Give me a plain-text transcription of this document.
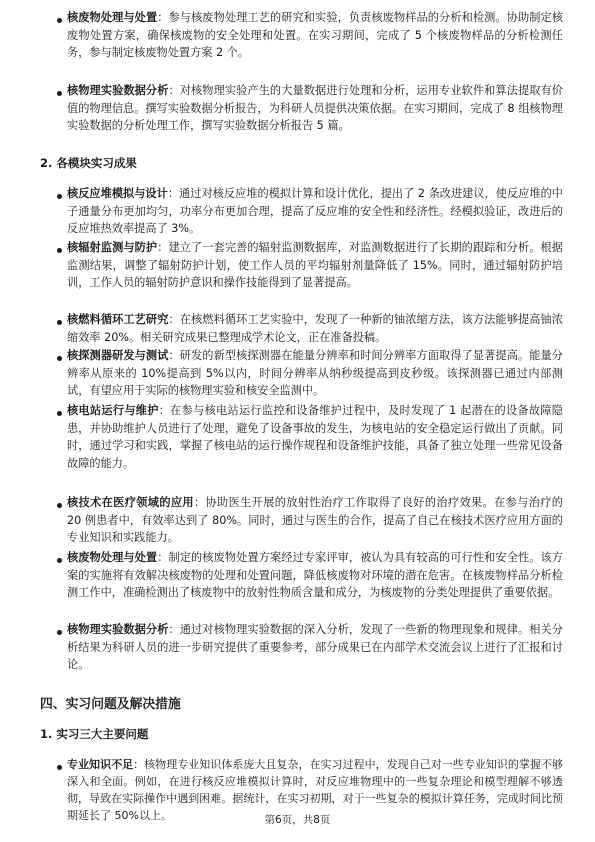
核废物处理与处置：参与核废物处理工艺的研究和实验，负责核废物样品的分析和检测。协助制定核废物处置方案，确保核废物的安全处理和处置。在实习期间，完成了 5 个核废物样品的分析检测任务，参与制定核废物处置方案 2 个。

核物理实验数据分析：对核物理实验产生的大量数据进行处理和分析，运用专业软件和算法提取有价值的物理信息。撰写实验数据分析报告，为科研人员提供决策依据。在实习期间，完成了 8 组核物理实验数据的分析处理工作，撰写实验数据分析报告 5 篇。

2. 各模块实习成果

核反应堆模拟与设计：通过对核反应堆的模拟计算和设计优化，提出了 2 条改进建议，使反应堆的中子通量分布更加均匀，功率分布更加合理，提高了反应堆的安全性和经济性。经模拟验证，改进后的反应堆热效率提高了 3%。

核辐射监测与防护：建立了一套完善的辐射监测数据库，对监测数据进行了长期的跟踪和分析。根据监测结果，调整了辐射防护计划，使工作人员的平均辐射剂量降低了 15%。同时，通过辐射防护培训，工作人员的辐射防护意识和操作技能得到了显著提高。

核燃料循环工艺研究：在核燃料循环工艺实验中，发现了一种新的铀浓缩方法，该方法能够提高铀浓缩效率 20%。相关研究成果已整理成学术论文，正在准备投稿。

核探测器研发与测试：研发的新型核探测器在能量分辨率和时间分辨率方面取得了显著提高。能量分辨率从原来的 10%提高到 5%以内，时间分辨率从纳秒级提高到皮秒级。该探测器已通过内部测试，有望应用于实际的核物理实验和核安全监测中。

核电站运行与维护：在参与核电站运行监控和设备维护过程中，及时发现了 1 起潜在的设备故障隐患，并协助维护人员进行了处理，避免了设备事故的发生，为核电站的安全稳定运行做出了贡献。同时，通过学习和实践，掌握了核电站的运行操作规程和设备维护技能，具备了独立处理一些常见设备故障的能力。

核技术在医疗领域的应用：协助医生开展的放射性治疗工作取得了良好的治疗效果。在参与治疗的 20 例患者中，有效率达到了 80%。同时，通过与医生的合作，提高了自己在核技术医疗应用方面的专业知识和实践能力。

核废物处理与处置：制定的核废物处置方案经过专家评审，被认为具有较高的可行性和安全性。该方案的实施将有效解决核废物的处理和处置问题，降低核废物对环境的潜在危害。在核废物样品分析检测工作中，准确检测出了核废物中的放射性物质含量和成分，为核废物的分类处理提供了重要依据。

核物理实验数据分析：通过对核物理实验数据的深入分析，发现了一些新的物理现象和规律。相关分析结果为科研人员的进一步研究提供了重要参考，部分成果已在内部学术交流会议上进行了汇报和讨论。

四、实习问题及解决措施

1. 实习三大主要问题

专业知识不足：核物理专业知识体系庞大且复杂，在实习过程中，发现自己对一些专业知识的掌握不够深入和全面。例如，在进行核反应堆模拟计算时，对反应堆物理中的一些复杂理论和模型理解不够透彻，导致在实际操作中遇到困难。据统计，在实习初期，对于一些复杂的模拟计算任务，完成时间比预期延长了 50%以上。	第6页，共8页
